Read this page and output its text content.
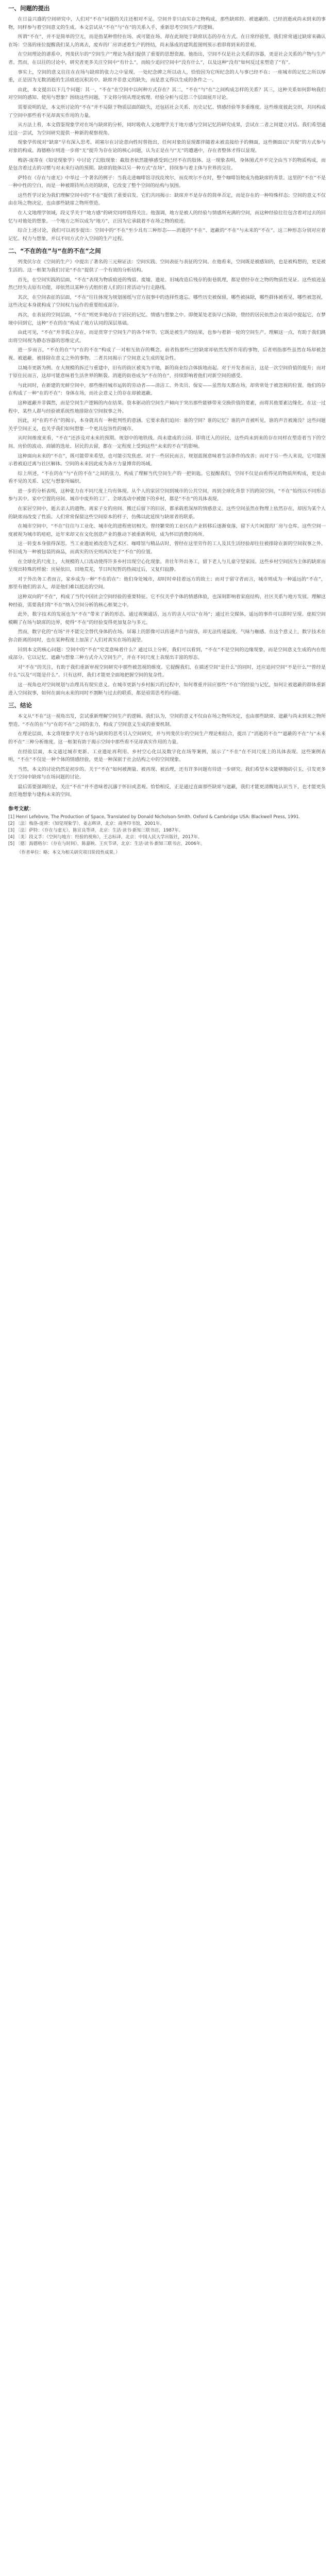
一、问题的提出

在日益兴盛的空间研究中，人们对“不在”问题的关注还相对不足。空间并非只由实存之物构成，那些缺席的、被遮蔽的、已经消逝或尚未到来的事物，同样参与着空间意义的生成。本文尝试从“不在”与“在”的关系入手，重新思考空间生产的逻辑。

所谓“不在”，并不是简单的空无，而是指某种曾经在场、或可能在场、却在此刻处于缺席状态的存在方式。在日常经验里，我们常常通过缺席来确认在场：空荡的座位提醒我们某人的离去，废弃的厂房讲述着生产的终结，尚未落成的建筑蓝图则预示着即将到来的景观。

在空间理论的谱系中，列斐伏尔的“空间生产”理论为我们提供了重要的思想资源。他指出，空间不仅是社会关系的容器，更是社会关系的产物与生产者。然而，在以往的讨论中，研究者更多关注空间中“有什么”，而较少追问空间中“没有什么”，以及这种“没有”如何反过来塑造了“有”。

事实上，空间的意义往往在在场与缺席的张力之中显现。一处纪念碑之所以动人，恰恰因为它所纪念的人与事已经不在；一座城市的记忆之所以厚重，正是因为无数消逝的生活痕迹沉积其中。缺席并非意义的缺失，而是意义得以生成的条件之一。

由此，本文提出以下几个问题：其一，“不在”在空间中以何种方式存在？其二，“不在”与“在”之间构成怎样的关系？其三，这种关系如何影响我们对空间的感知、使用与想象？围绕这些问题，下文将分别从理论梳理、经验分析与反思三个层面展开讨论。

需要说明的是，本文所讨论的“不在”并不局限于物质层面的缺失，还包括社会关系、历史记忆、情感经验等多重维度。这些维度彼此交织，共同构成了空间中那些看不见却真实作用的力量。

从方法上看，本文借鉴现象学对在场与缺席的分析，同时吸收人文地理学关于地方感与空间记忆的研究成果，尝试在二者之间建立对话。我们希望通过这一尝试，为空间研究提供一种新的观察视角。

现象学传统对“缺席”早有深入思考。胡塞尔在讨论意向性时曾指出，任何对象的显现都伴随着未被直接给予的侧面，这些侧面以“共现”的方式参与对象的构成。海德格尔则进一步将“无”提升为存在论的核心问题，认为正是在与“无”的遭遇中，存在者整体才得以显现。

梅洛-庞蒂在《知觉现象学》中讨论了幻肢现象：截肢者依然能够感受到已经不在的肢体。这一现象表明，身体图式并不完全由当下的物质构成，而是包含着过去的习惯与对未来行动的预期。缺席的肢体以另一种方式“在场”，持续参与着主体与世界的交往。

萨特在《存在与虚无》中举过一个著名的例子：当我走进咖啡馆寻找皮埃尔，而皮埃尔不在时，整个咖啡馆便成为他缺席的背景。这里的“不在”不是一种中性的空白，而是一种被期待所点亮的缺席，它改变了整个空间的结构与氛围。

这些哲学讨论为我们理解空间中的“不在”提供了重要启发。它们共同揭示：缺席并不是存在的简单否定，而是存在的一种特殊样态；空间的意义不仅由在场之物决定，也由那些缺席之物所塑造。

在人文地理学领域，段义孚关于“地方感”的研究同样值得关注。他强调，地方是被人的经验与情感所充满的空间，而这种经验往往包含着对过去的回忆与对他处的想象。一个地方之所以成为“地方”，正因为它承载着不在场之物的痕迹。

综合上述讨论，我们可以初步提出：空间中的“不在”至少具有三种形态——消逝的“不在”、遮蔽的“不在”与未来的“不在”。这三种形态分别对应着记忆、权力与想象，并以不同方式介入空间的生产过程。

二、“不在的在”与“在的不在”之间

列斐伏尔在《空间的生产》中提出了著名的三元辩证法：空间实践、空间表征与表征的空间。在他看来，空间既是被感知的，也是被构想的，更是被生活的。这一框架为我们讨论“不在”提供了一个有效的分析结构。

首先，在空间实践的层面，“不在”表现为物质痕迹的残留。废墟、遗址、旧城改造后残存的街巷肌理，都是曾经存在之物的物质性见证。这些痕迹虽然已经失去原有功能，却依然以某种方式组织着人们的日常活动与行走路线。

其次，在空间表征的层面，“不在”往往体现为规划图纸与官方叙事中的选择性遗忘。哪些历史被保留，哪些被抹除，哪些群体被看见，哪些被忽视，这些决定本身就构成了空间权力运作的重要组成部分。

再次，在表征的空间层面，“不在”则更多地存在于居民的记忆、情感与想象之中。即便某处老街早已拆除，曾经的居民依然会在谈话中提起它，在梦境中回到它，这种“不在的在”构成了地方认同的深层基础。

由此可见，“不在”并非孤立存在，而是贯穿于空间生产的各个环节。它既是被生产的结果，也参与着新一轮的空间生产。理解这一点，有助于我们跳出将空间视为静态容器的思维定式。

进一步而言，“不在的在”与“在的不在”构成了一对相互依存的概念。前者指那些已经缺席却依然发挥作用的事物，后者则指那些虽然在场却被忽视、被遮蔽、被排除在意义之外的事物。二者共同揭示了空间意义生成的复杂性。

以城市更新为例。在大规模的拆迁与重建中，旧有的街区被夷为平地，新的商业综合体拔地而起。对于开发者而言，这是一次空间价值的提升；而对于原住民而言，这却可能意味着生活世界的断裂。消逝的街巷成为“不在的在”，持续影响着他们对新空间的感受。

与此同时，在新建的光鲜空间中，那些维持城市运转的劳动者——清洁工、外卖员、保安——虽然每天都在场，却常常处于被忽视的位置。他们的存在构成了一种“在的不在”：身体在场，而社会意义上的存在却被遮蔽。

这种遮蔽并非偶然，而是空间生产逻辑的内在结果。资本驱动的空间生产倾向于突出那些能够带来交换价值的要素，而将其他要素边缘化。在这一过程中，某些人群与经验被系统性地排除在空间叙事之外。

因此，对“在的不在”的揭示，本身就具有一种批判性的意涵。它要求我们追问：谁的空间？谁的记忆？谁的声音被听见，谁的声音被淹没？这些问题关乎空间正义，也关乎我们如何想象一个更具包容性的城市。

从时间维度来看，“不在”还涉及对未来的预期。规划中的地铁线、尚未建成的公园、即将迁入的居民，这些尚未到来的存在同样在塑造着当下的空间。房价的波动、商铺的选址、居民的去留，都在一定程度上受到这些“未来的不在”的影响。

这种面向未来的“不在”，既可能带来希望，也可能引发焦虑。对于一些居民而言，规划蓝图意味着生活条件的改善；而对于另一些人来说，它可能预示着被迫迁离与社区解体。空间的未来因此成为各方力量博弈的场域。

综上所述，“不在的在”与“在的不在”之间的张力，构成了理解当代空间生产的一把钥匙。它提醒我们，空间不仅是由看得见的物质所构成，更是由看不见的关系、记忆与想象所编织。

进一步的分析表明，这种张力在不同尺度上均有体现。从个人的家居空间到城市的公共空间，再到全球化背景下的跨国空间，“不在”始终以不同形态参与其中。家中空置的房间、城市中废弃的工厂、全球流动中被抛下的乡村，都是“不在”的具体表现。

在家居空间中，逝去亲人的遗物、离家子女的房间、搬迁后留下的旧居，都承载着深厚的情感意义。这些空间虽然在物理上依然存在，却因为某个人的缺席而改变了性质。人们常常保留这些空间原本的样子，仿佛以此延续与缺席者的联系。

在城市空间中，“不在”往往与工业化、城市化的进程密切相关。曾经繁荣的工业区在产业转移后逐渐衰落，留下大片闲置的厂房与仓库。这些空间一度被视为城市的疮疤，近年来却又在文化创意产业的推动下被重新利用，成为怀旧消费的场所。

这一转变本身值得深思。当工业遗址被改造为艺术区、咖啡馆与精品店时，曾经在这里劳作的工人及其生活经验却往往被排除在新的空间叙事之外。怀旧成为一种被包装的商品，而真实的历史则再次处于“不在”的位置。

在全球化的尺度上，大规模的人口流动使得许多乡村出现空心化现象。青壮年外出务工，留下老人与儿童守望家园。这些乡村空间因为主体的缺席而呈现出特殊的样貌：房屋依旧，田地荒芜，节日时短暂的热闹过后，又复归寂静。

对于外出务工者而言，家乡成为一种“不在的在”：他们身处城市，却时时牵挂着远方的故土；而对于留守者而言，城市则成为一种遥远的“不在”，那里有他们的亲人，却是他们难以抵达的空间。

这种双向的“不在”，构成了当代中国社会空间经验的重要特征。它不仅关乎个体的情感体验，也深刻影响着家庭结构、社区关系与地方发展。理解这种经验，需要我们将“不在”纳入空间分析的核心框架之中。

此外，数字技术的发展也为“不在”带来了新的形态。通过视频通话，远方的亲人可以“在场”；通过社交媒体，遥远的事件可以即时呈现。虚拟空间模糊了在场与缺席的边界，使得“不在”的经验变得更加复杂与多元。

然而，数字化的“在场”并不能完全替代身体的在场。屏幕上的影像可以传递声音与面容，却无法传递温度、气味与触感。在这个意义上，数字技术在弥合距离的同时，也在某种程度上加深了人们对真实在场的渴望。

回到本文的核心问题：空间中的“不在”究竟意味着什么？通过以上分析，我们可以看到，“不在”不是空间的边缘现象，而是空间意义生成的内在组成部分。它以记忆、遮蔽与想象三种方式介入空间生产，并在不同尺度上表现出丰富的形态。

对“不在”的关注，有助于我们重新审视空间研究中那些被忽视的维度。它提醒我们，在描述空间“是什么”的同时，还应追问空间“不是什么”“曾经是什么”以及“可能是什么”。只有这样，我们才能更全面地把握空间的复杂性。

这一视角也对空间规划与治理具有现实意义。在城市更新与乡村振兴的过程中，如何尊重并回应那些“不在”的经验与记忆，如何让被遮蔽的群体重新进入空间叙事，如何在面向未来的同时不割断与过去的联系，都是亟需思考的问题。

三、结论

本文从“不在”这一视角出发，尝试重新理解空间生产的逻辑。我们认为，空间的意义不仅由在场之物所决定，也由那些缺席、遮蔽与尚未到来之物所塑造。“不在的在”与“在的不在”之间的张力，构成了空间意义生成的重要机制。

在理论层面，本文将现象学关于在场与缺席的思考引入空间研究，并与列斐伏尔的空间生产理论相结合，提出了“消逝的不在”“遮蔽的不在”与“未来的不在”三种分析维度。这一框架有助于揭示空间中那些看不见却真实作用的力量。

在经验层面，本文通过城市更新、工业遗址再利用、乡村空心化以及数字化在场等案例，展示了“不在”在不同尺度上的具体表现。这些案例表明，“不在”不仅是一种个体的情感经验，更是一种深嵌于社会结构之中的空间现象。

当然，本文的讨论仍然是初步的。关于“不在”如何被测量、被再现、被治理，还有许多问题有待进一步研究。我们希望本文能够抛砖引玉，引发更多关于空间中缺席与在场问题的讨论。

最后需要强调的是，关注“不在”并不意味着沉溺于怀旧或悲观。恰恰相反，正是通过直面那些缺席与遮蔽，我们才能更清醒地认识当下，也才能更负责任地想象与建构未来的空间。

参考文献：

[1] Henri Lefebvre, The Production of Space, Translated by Donald Nicholson-Smith. Oxford & Cambridge USA: Blackwell Press, 1991.

[2] 〔法〕梅洛-庞蒂：《知觉现象学》，姜志辉译，北京：商务印书馆，2001年。

[3] 〔法〕萨特：《存在与虚无》，陈宣良等译，北京：生活·读书·新知三联书店，1987年。

[4] 〔美〕段义孚：《空间与地方：经验的视角》，王志标译，北京：中国人民大学出版社，2017年。

[5] 〔德〕海德格尔：《存在与时间》，陈嘉映、王庆节译，北京：生活·读书·新知三联书店，2006年。

（作者单位：略；本文为相关研究项目阶段性成果。）
